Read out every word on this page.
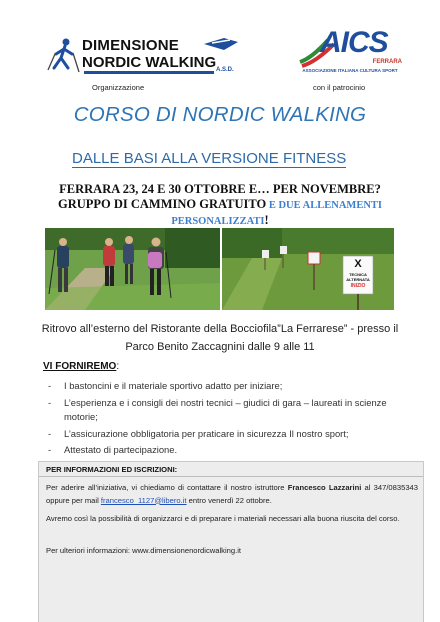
DIMENSIONE
NORDIC WALKING A.S.D.
Organizzazione
AICS
FERRARA
ASSOCIAZIONE ITALIANA CULTURA SPORT
con il patrocinio
CORSO DI NORDIC WALKING
DALLE BASI ALLA VERSIONE FITNESS
FERRARA 23, 24 E 30 OTTOBRE E… PER NOVEMBRE?
GRUPPO DI CAMMINO GRATUITO E DUE ALLENAMENTI
PERSONALIZZATI!
X
TECNICA
ALTERNATA
INIZIO
Ritrovo all’esterno del Ristorante della Bocciofila”La Ferrarese” - presso il
Parco Benito Zaccagnini dalle 9 alle 11
VI FORNIREMO:
- I bastoncini e il materiale sportivo adatto per iniziare;
- L’esperienza e i consigli dei nostri tecnici – giudici di gara – laureati in scienze motorie;
- L’assicurazione obbligatoria per praticare in sicurezza Il nostro sport;
- Attestato di partecipazione.
PER INFORMAZIONI ED ISCRIZIONI:
Per aderire all’iniziativa, vi chiediamo di contattare il nostro istruttore Francesco Lazzarini al 347/0835343 oppure per mail francesco_1127@libero.it entro venerdì 22 ottobre.
Avremo così la possibilità di organizzarci e di preparare i materiali necessari alla buona riuscita del corso.
Per ulteriori informazioni: www.dimensionenordicwalking.it
